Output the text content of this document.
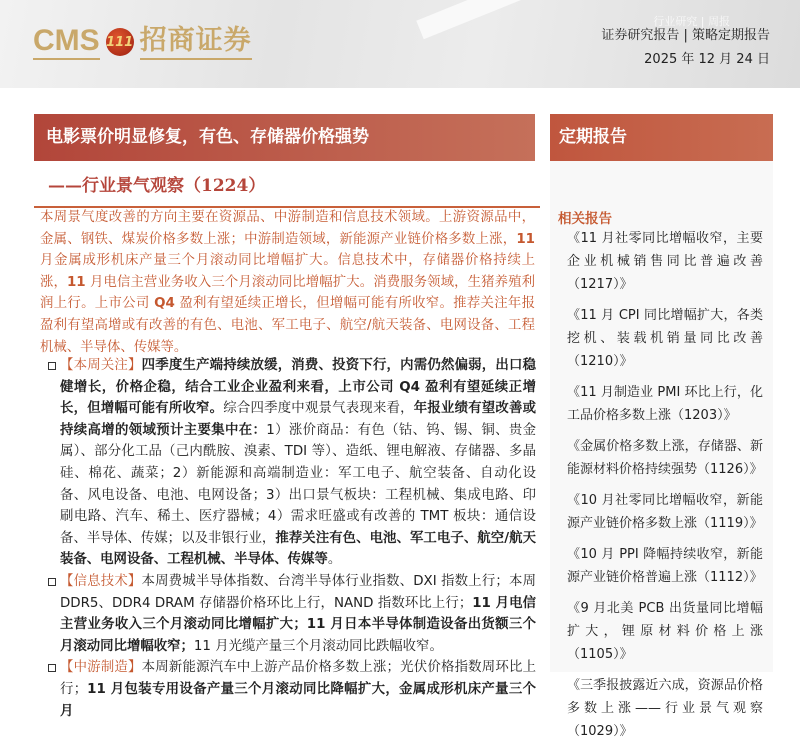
CMS 111 招商证券
行业研究 | 周报
证券研究报告 | 策略定期报告
2025 年 12 月 24 日
电影票价明显修复，有色、存储器价格强势
——行业景气观察（1224）
本周景气度改善的方向主要在资源品、中游制造和信息技术领域。上游资源品中，金属、钢铁、煤炭价格多数上涨；中游制造领域，新能源产业链价格多数上涨，11 月金属成形机床产量三个月滚动同比增幅扩大。信息技术中，存储器价格持续上涨，11 月电信主营业务收入三个月滚动同比增幅扩大。消费服务领域，生猪养殖利润上行。上市公司 Q4 盈利有望延续正增长，但增幅可能有所收窄。推荐关注年报盈利有望高增或有改善的有色、电池、军工电子、航空/航天装备、电网设备、工程机械、半导体、传媒等。
【本周关注】四季度生产端持续放缓，消费、投资下行，内需仍然偏弱，出口稳健增长，价格企稳，结合工业企业盈利来看，上市公司 Q4 盈利有望延续正增长，但增幅可能有所收窄。综合四季度中观景气表现来看，年报业绩有望改善或持续高增的领域预计主要集中在：1）涨价商品：有色（钴、钨、锡、铜、贵金属）、部分化工品（己内酰胺、溴素、TDI 等）、造纸、锂电解液、存储器、多晶硅、棉花、蔬菜；2）新能源和高端制造业：军工电子、航空装备、自动化设备、风电设备、电池、电网设备；3）出口景气板块：工程机械、集成电路、印刷电路、汽车、稀土、医疗器械；4）需求旺盛或有改善的 TMT 板块：通信设备、半导体、传媒；以及非银行业，推荐关注有色、电池、军工电子、航空/航天装备、电网设备、工程机械、半导体、传媒等。
【信息技术】本周费城半导体指数、台湾半导体行业指数、DXI 指数上行；本周 DDR5、DDR4 DRAM 存储器价格环比上行，NAND 指数环比上行；11 月电信主营业务收入三个月滚动同比增幅扩大；11 月日本半导体制造设备出货额三个月滚动同比增幅收窄；11 月光缆产量三个月滚动同比跌幅收窄。
【中游制造】本周新能源汽车中上游产品价格多数上涨；光伏价格指数周环比上行；11 月包装专用设备产量三个月滚动同比降幅扩大，金属成形机床产量三个月
定期报告
相关报告
《11 月社零同比增幅收窄，主要企业机械销售同比普遍改善（1217）》
《11 月 CPI 同比增幅扩大，各类挖机、装载机销量同比改善（1210）》
《11 月制造业 PMI 环比上行，化工品价格多数上涨（1203）》
《金属价格多数上涨，存储器、新能源材料价格持续强势（1126）》
《10 月社零同比增幅收窄，新能源产业链价格多数上涨（1119）》
《10 月 PPI 降幅持续收窄，新能源产业链价格普遍上涨（1112）》
《9 月北美 PCB 出货量同比增幅扩大，锂原材料价格上涨（1105）》
《三季报披露近六成，资源品价格多数上涨——行业景气观察（1029）》
